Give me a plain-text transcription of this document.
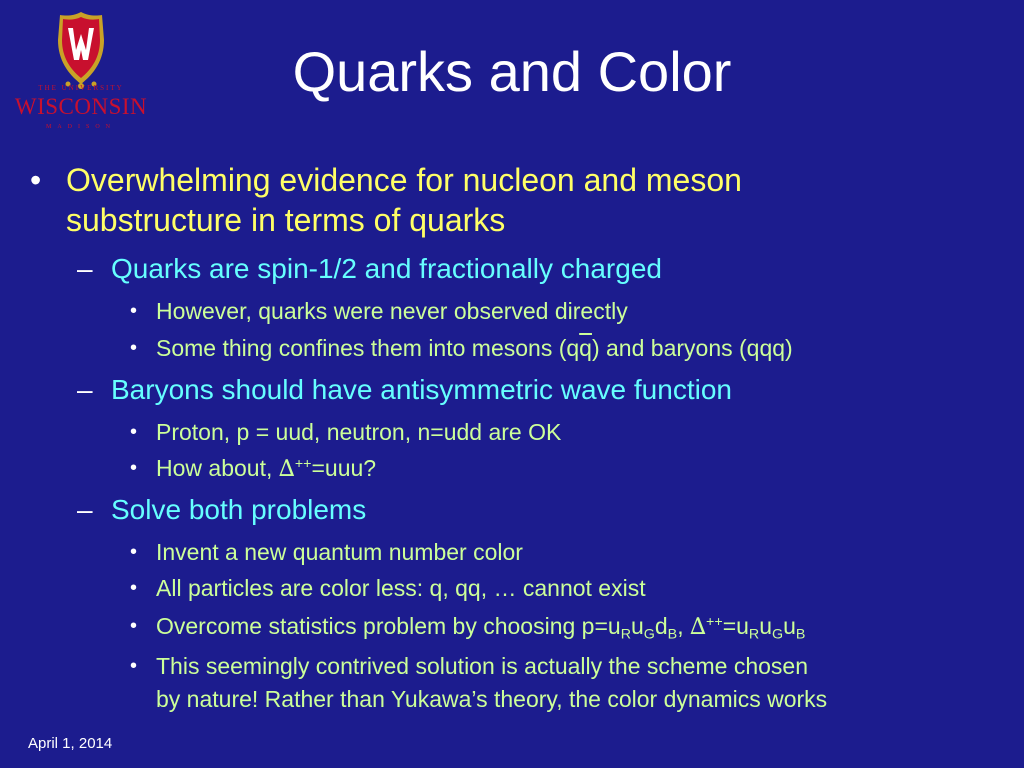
THE UNIVERSITY
WISCONSIN
MADISON
Quarks and Color
• Overwhelming evidence for nucleon and meson
substructure in terms of quarks
– Quarks are spin-1/2 and fractionally charged
• However, quarks were never observed directly
• Some thing confines them into mesons $(q\overline{q})$ and baryons (qqq)
– Baryons should have antisymmetric wave function
• Proton, p = uud, neutron, n=udd are OK
• How about, ∆++=uuu?
– Solve both problems
• Invent a new quantum number color
• All particles are color less: q, qq, … cannot exist
• Overcome statistics problem by choosing $p=u_Ru_Gd_B$, $\Delta^{++}=u_Ru_Gu_B$
• This seemingly contrived solution is actually the scheme chosen
by nature! Rather than Yukawa’s theory, the color dynamics works
April 1, 2014
